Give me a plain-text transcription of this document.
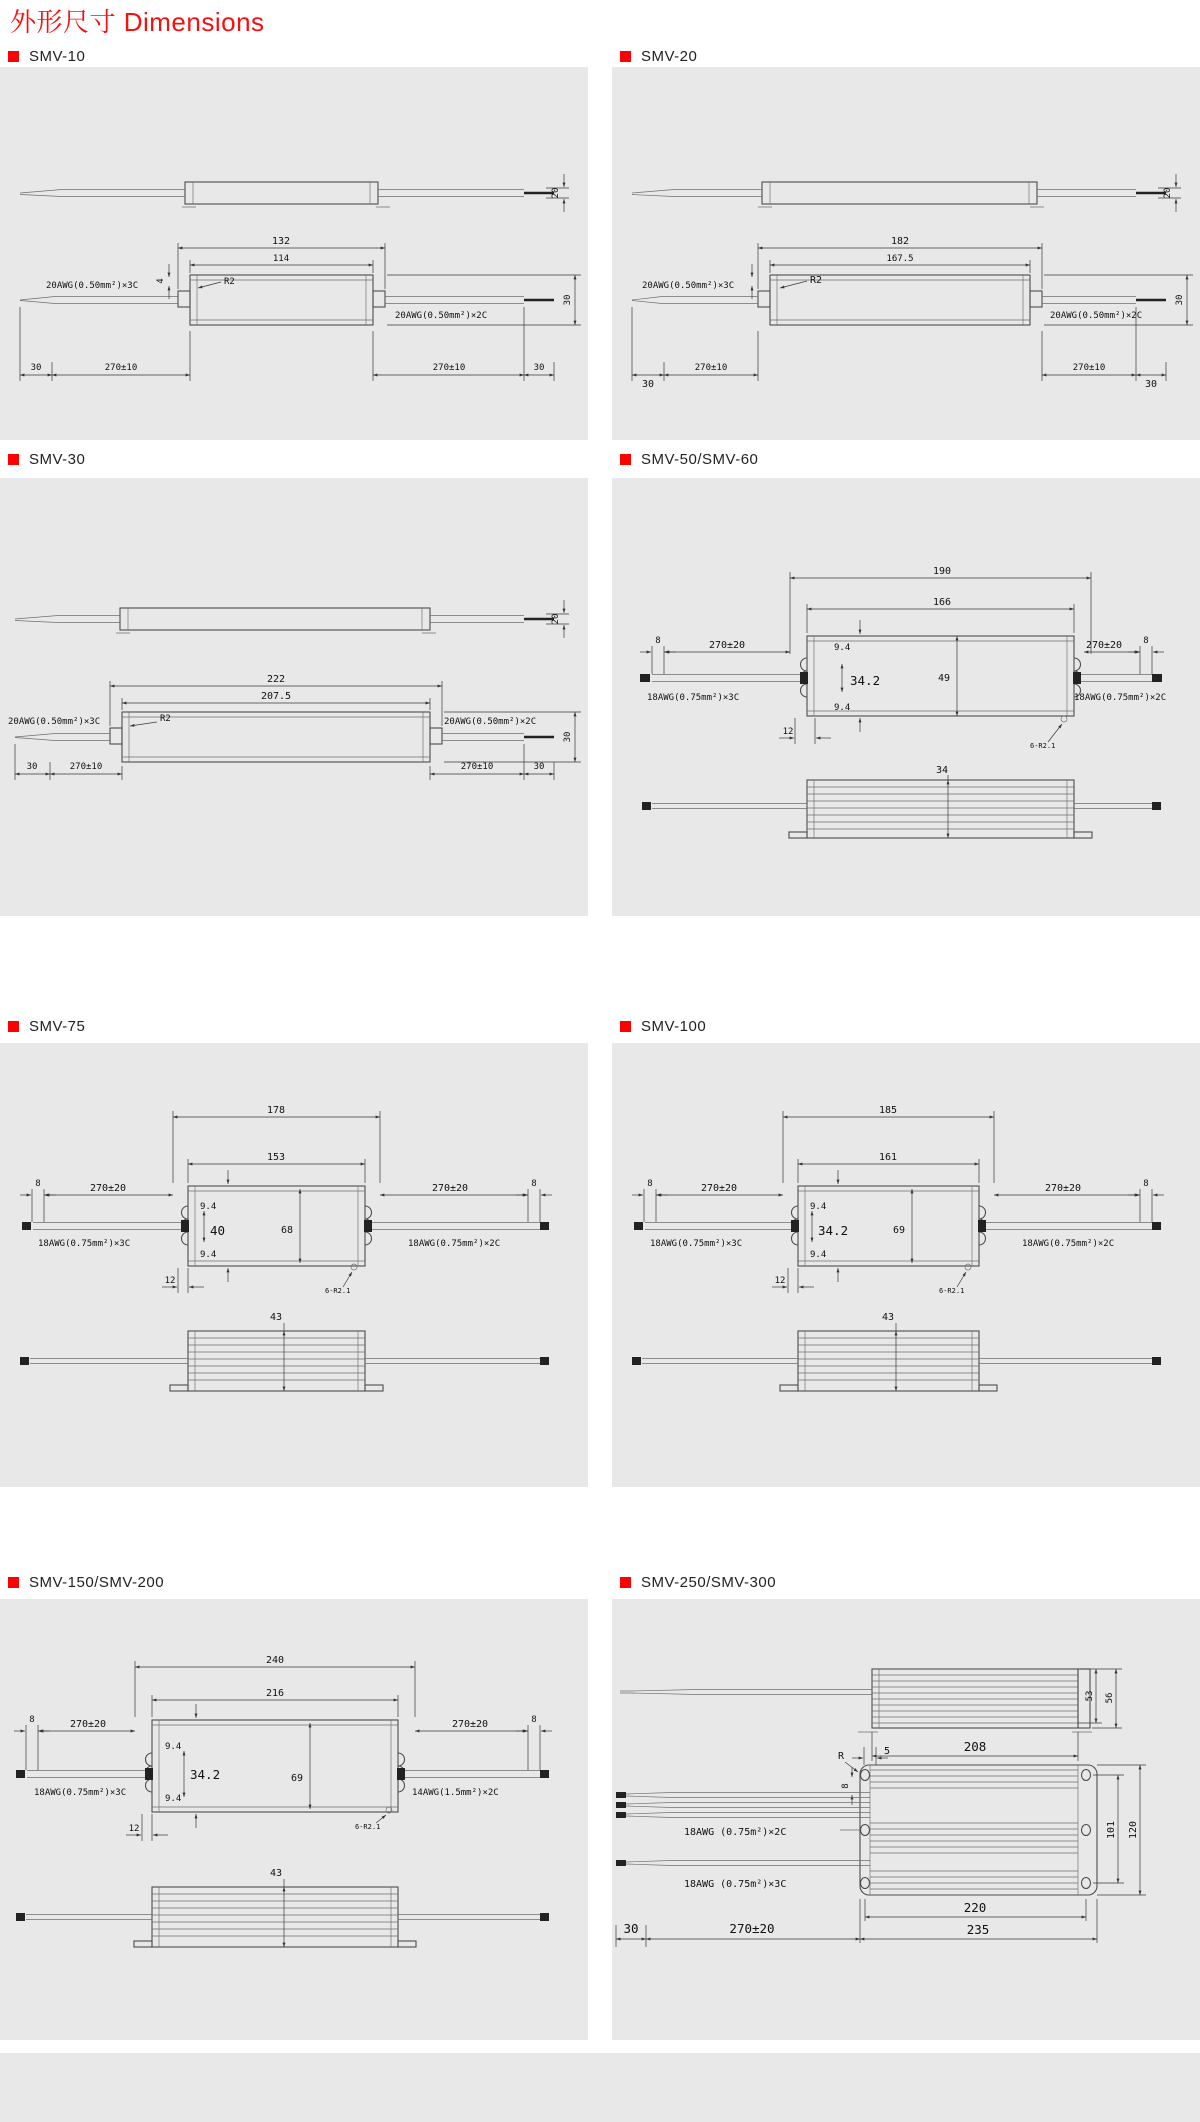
外形尺寸 Dimensions
SMV-10	SMV-20
SMV-30	SMV-50/SMV-60
SMV-75	SMV-100
SMV-150/SMV-200	SMV-250/SMV-300
20
132
114
4	R2
20AWG(0.50mm²)×3C
20AWG(0.50mm²)×2C
30
30	270±10	270±10	30
20
182
167.5
R2
20AWG(0.50mm²)×3C
20AWG(0.50mm²)×2C
30
30
270±10	270±10
30
20
222
207.5
R2
20AWG(0.50mm²)×3C	20AWG(0.50mm²)×2C
30
30	270±10	270±10	30
190
166
9.4
9.4
34.2	49
8	270±20	8
270±20
18AWG(0.75mm²)×3C	18AWG(0.75mm²)×2C
12
6-R2.1
34
178
153
9.4
9.4
40	68
8	270±20	8
270±20
18AWG(0.75mm²)×3C	18AWG(0.75mm²)×2C
12
6-R2.1
43
185
161
9.4
9.4
34.2	69
8	270±20	8
270±20
18AWG(0.75mm²)×3C	18AWG(0.75mm²)×2C
12
6-R2.1
43
240
216
9.4
9.4
34.2	69
8	270±20	8
270±20
18AWG(0.75mm²)×3C	14AWG(1.5mm²)×2C
12	6-R2.1
43
53 56
208
R	5
8
18AWG (0.75m²)×2C
18AWG (0.75m²)×3C
101 120
220
235
30	270±20
